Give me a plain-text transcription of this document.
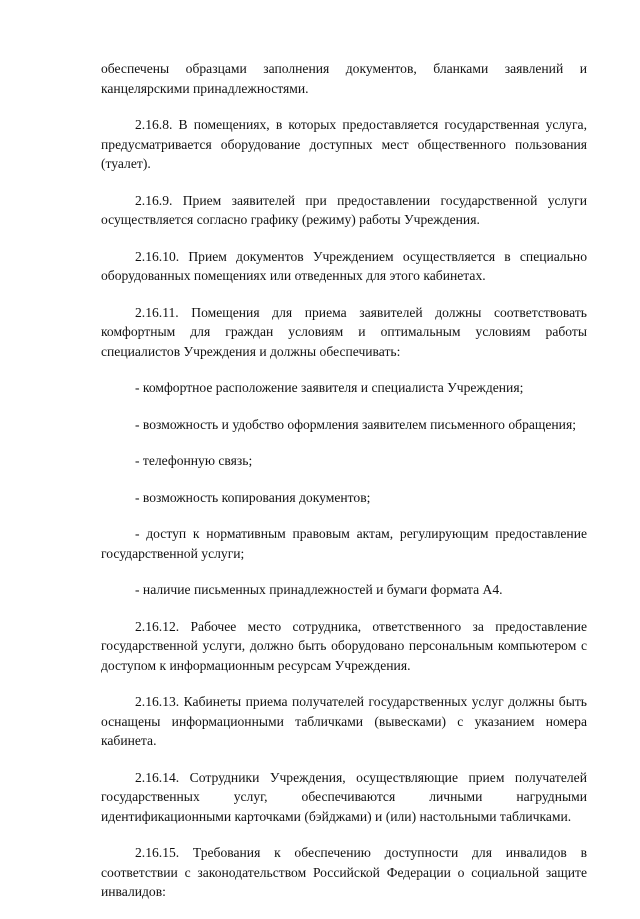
обеспечены образцами заполнения документов, бланками заявлений и канцелярскими принадлежностями.

2.16.8. В помещениях, в которых предоставляется государственная услуга, предусматривается оборудование доступных мест общественного пользования (туалет).

2.16.9. Прием заявителей при предоставлении государственной услуги осуществляется согласно графику (режиму) работы Учреждения.

2.16.10. Прием документов Учреждением осуществляется в специально оборудованных помещениях или отведенных для этого кабинетах.

2.16.11. Помещения для приема заявителей должны соответствовать комфортным для граждан условиям и оптимальным условиям работы специалистов Учреждения и должны обеспечивать:

- комфортное расположение заявителя и специалиста Учреждения;

- возможность и удобство оформления заявителем письменного обращения;

- телефонную связь;

- возможность копирования документов;

- доступ к нормативным правовым актам, регулирующим предоставление государственной услуги;

- наличие письменных принадлежностей и бумаги формата А4.

2.16.12. Рабочее место сотрудника, ответственного за предоставление государственной услуги, должно быть оборудовано персональным компьютером с доступом к информационным ресурсам Учреждения.

2.16.13. Кабинеты приема получателей государственных услуг должны быть оснащены информационными табличками (вывесками) с указанием номера кабинета.

2.16.14. Сотрудники Учреждения, осуществляющие прием получателей государственных услуг, обеспечиваются личными нагрудными идентификационными карточками (бэйджами) и (или) настольными табличками.

2.16.15. Требования к обеспечению доступности для инвалидов в соответствии с законодательством Российской Федерации о социальной защите инвалидов:
